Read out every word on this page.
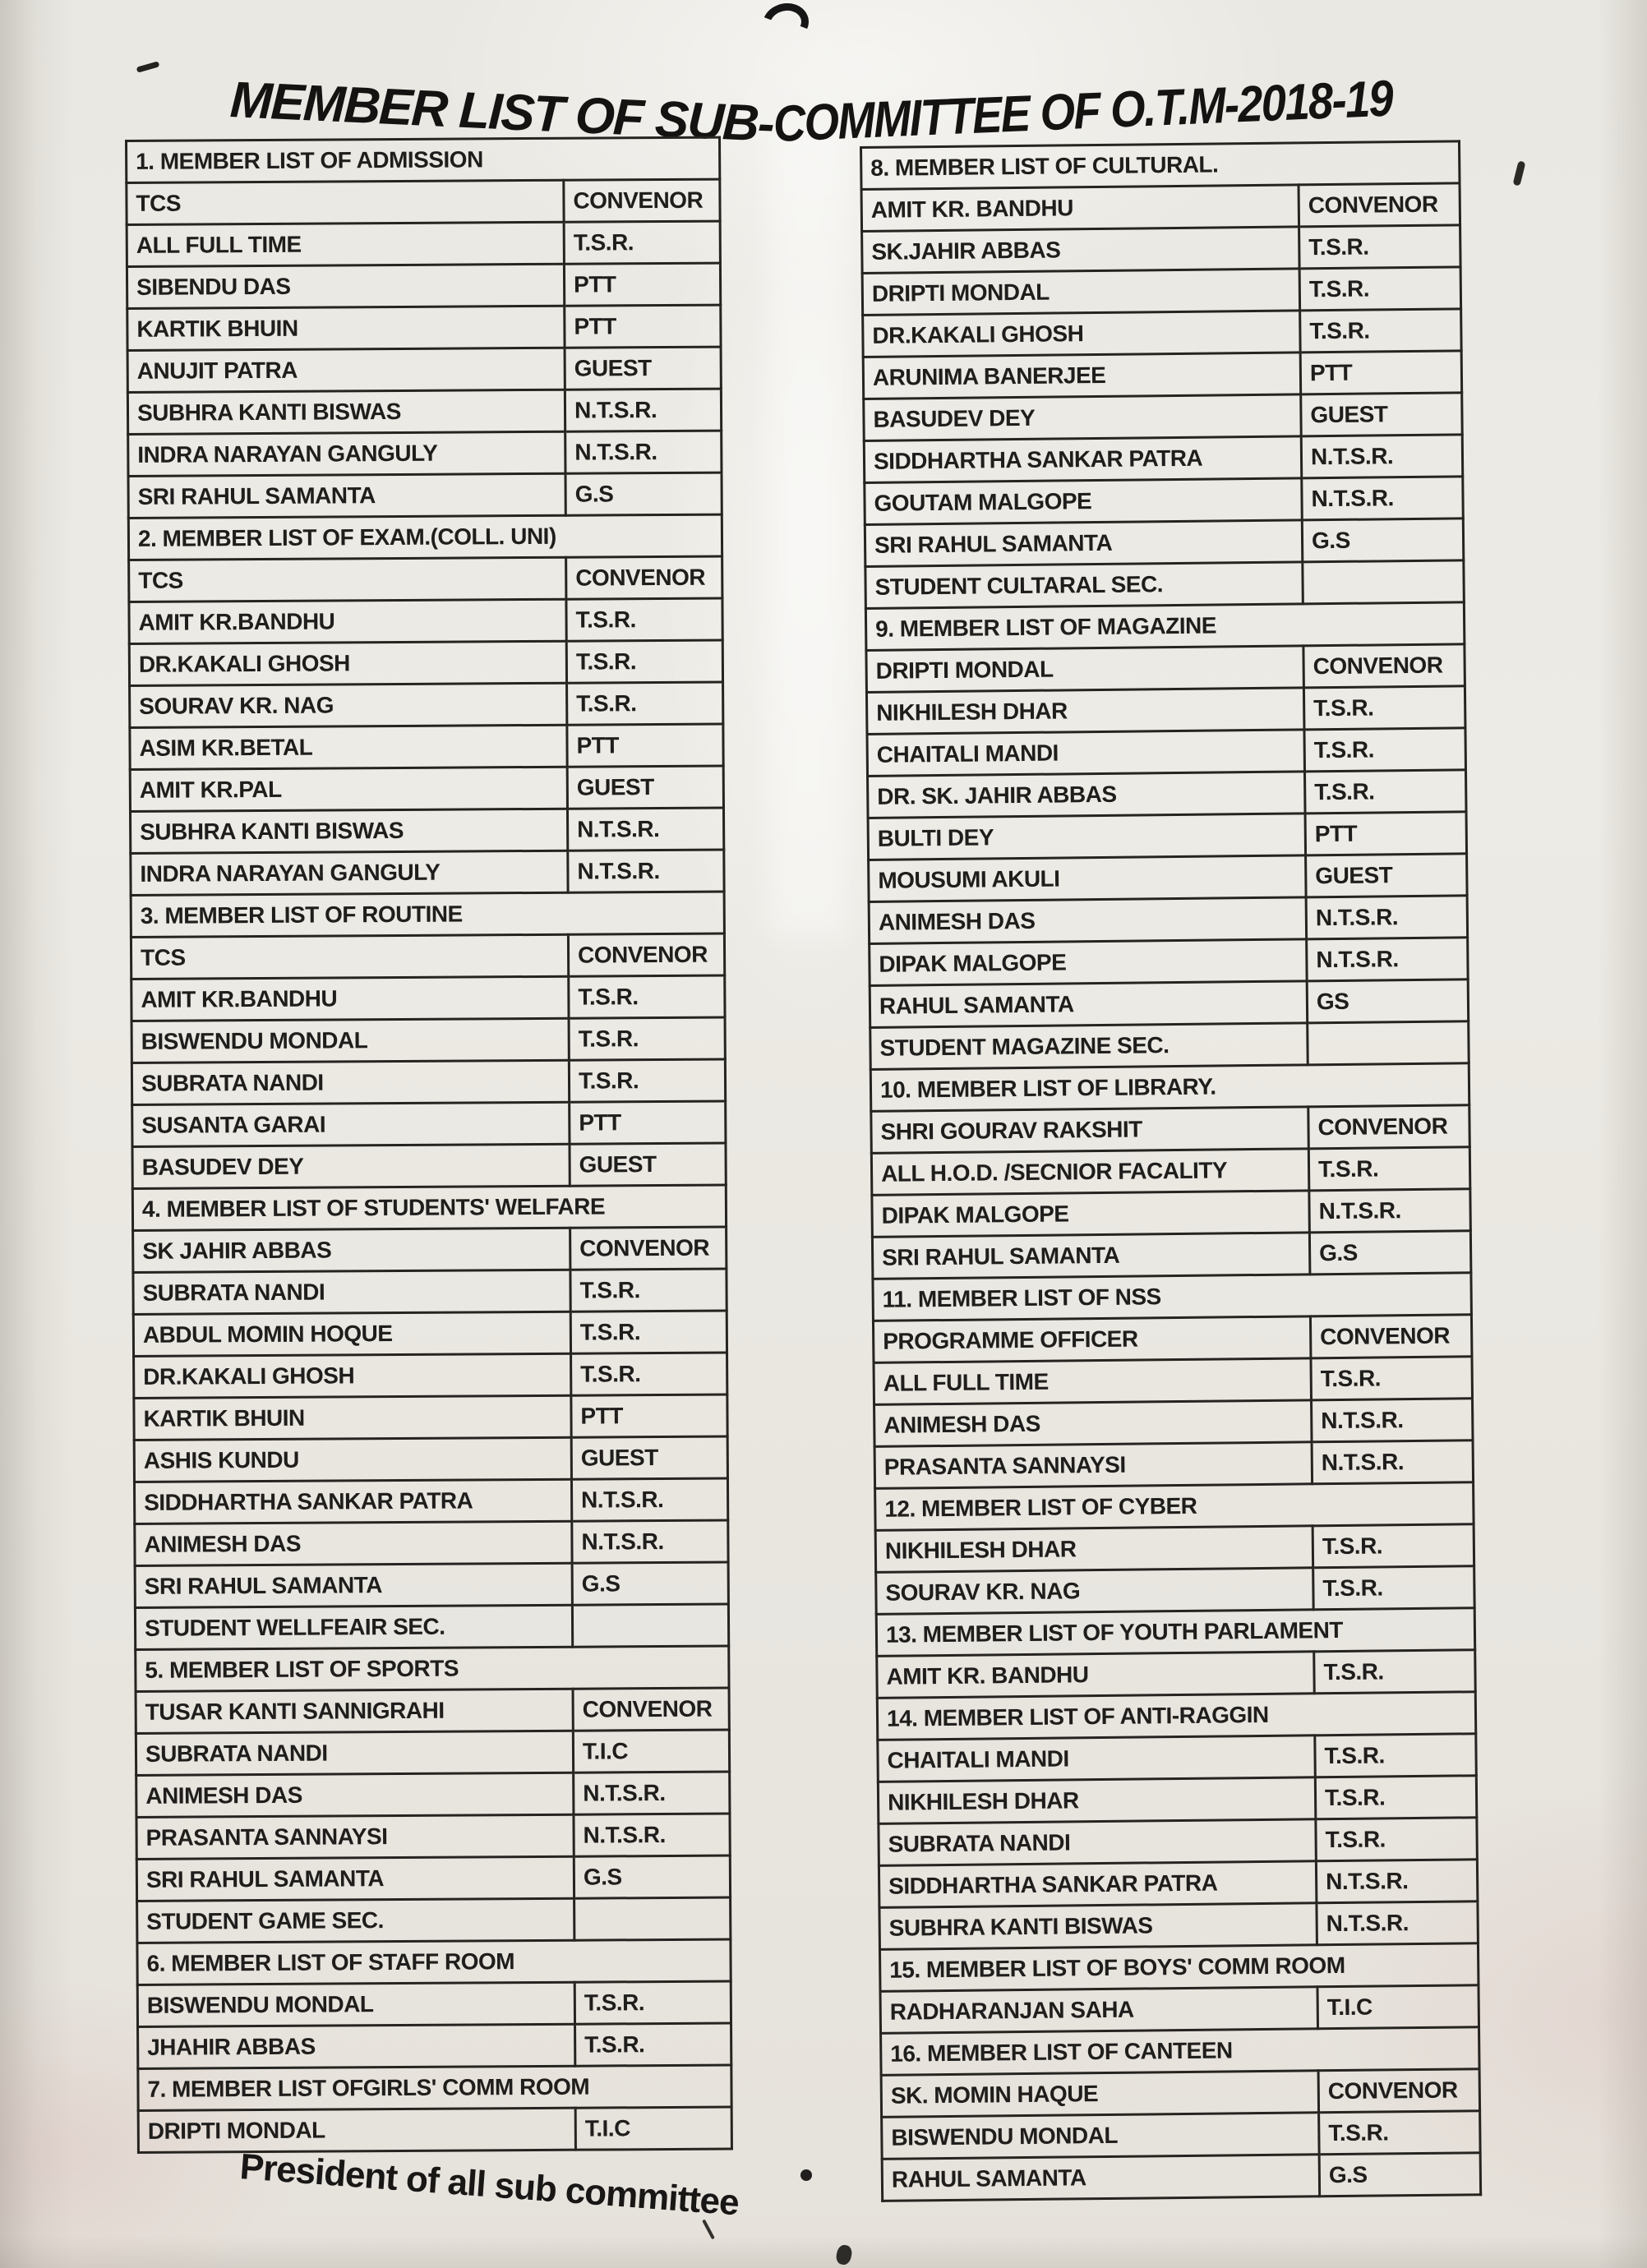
MEMBER LIST OF SUB-COMMITTEE OF O.T.M-2018-19
1. MEMBER LIST OF ADMISSION	
TCS	CONVENOR
ALL FULL TIME	T.S.R.
SIBENDU DAS	PTT
KARTIK BHUIN	PTT
ANUJIT PATRA	GUEST
SUBHRA KANTI BISWAS	N.T.S.R.
INDRA NARAYAN GANGULY	N.T.S.R.
SRI RAHUL SAMANTA	G.S
2. MEMBER LIST OF EXAM.(COLL. UNI)	
TCS	CONVENOR
AMIT KR.BANDHU	T.S.R.
DR.KAKALI GHOSH	T.S.R.
SOURAV KR. NAG	T.S.R.
ASIM KR.BETAL	PTT
AMIT KR.PAL	GUEST
SUBHRA KANTI BISWAS	N.T.S.R.
INDRA NARAYAN GANGULY	N.T.S.R.
3. MEMBER LIST OF ROUTINE	
TCS	CONVENOR
AMIT KR.BANDHU	T.S.R.
BISWENDU MONDAL	T.S.R.
SUBRATA NANDI	T.S.R.
SUSANTA GARAI	PTT
BASUDEV DEY	GUEST
4. MEMBER LIST OF STUDENTS' WELFARE	
SK JAHIR ABBAS	CONVENOR
SUBRATA NANDI	T.S.R.
ABDUL MOMIN HOQUE	T.S.R.
DR.KAKALI GHOSH	T.S.R.
KARTIK BHUIN	PTT
ASHIS KUNDU	GUEST
SIDDHARTHA SANKAR PATRA	N.T.S.R.
ANIMESH DAS	N.T.S.R.
SRI RAHUL SAMANTA	G.S
STUDENT WELLFEAIR SEC.	
5. MEMBER LIST OF SPORTS	
TUSAR KANTI SANNIGRAHI	CONVENOR
SUBRATA NANDI	T.I.C
ANIMESH DAS	N.T.S.R.
PRASANTA SANNAYSI	N.T.S.R.
SRI RAHUL SAMANTA	G.S
STUDENT GAME SEC.	
6. MEMBER LIST OF STAFF ROOM	
BISWENDU MONDAL	T.S.R.
JHAHIR ABBAS	T.S.R.
7. MEMBER LIST OFGIRLS' COMM ROOM	
DRIPTI MONDAL	T.I.C
8. MEMBER LIST OF CULTURAL.	
AMIT KR. BANDHU	CONVENOR
SK.JAHIR ABBAS	T.S.R.
DRIPTI MONDAL	T.S.R.
DR.KAKALI GHOSH	T.S.R.
ARUNIMA BANERJEE	PTT
BASUDEV DEY	GUEST
SIDDHARTHA SANKAR PATRA	N.T.S.R.
GOUTAM MALGOPE	N.T.S.R.
SRI RAHUL SAMANTA	G.S
STUDENT CULTARAL SEC.	
9. MEMBER LIST OF MAGAZINE	
DRIPTI MONDAL	CONVENOR
NIKHILESH DHAR	T.S.R.
CHAITALI MANDI	T.S.R.
DR. SK. JAHIR ABBAS	T.S.R.
BULTI DEY	PTT
MOUSUMI AKULI	GUEST
ANIMESH DAS	N.T.S.R.
DIPAK MALGOPE	N.T.S.R.
RAHUL SAMANTA	GS
STUDENT MAGAZINE SEC.	
10. MEMBER LIST OF LIBRARY.	
SHRI GOURAV RAKSHIT	CONVENOR
ALL H.O.D. /SECNIOR FACALITY	T.S.R.
DIPAK MALGOPE	N.T.S.R.
SRI RAHUL SAMANTA	G.S
11. MEMBER LIST OF NSS	
PROGRAMME OFFICER	CONVENOR
ALL FULL TIME	T.S.R.
ANIMESH DAS	N.T.S.R.
PRASANTA SANNAYSI	N.T.S.R.
12. MEMBER LIST OF CYBER	
NIKHILESH DHAR	T.S.R.
SOURAV KR. NAG	T.S.R.
13. MEMBER LIST OF YOUTH PARLAMENT	
AMIT KR. BANDHU	T.S.R.
14. MEMBER LIST OF ANTI-RAGGIN	
CHAITALI MANDI	T.S.R.
NIKHILESH DHAR	T.S.R.
SUBRATA NANDI	T.S.R.
SIDDHARTHA SANKAR PATRA	N.T.S.R.
SUBHRA KANTI BISWAS	N.T.S.R.
15. MEMBER LIST OF BOYS' COMM ROOM	
RADHARANJAN SAHA	T.I.C
16. MEMBER LIST OF CANTEEN	
SK. MOMIN HAQUE	CONVENOR
BISWENDU MONDAL	T.S.R.
RAHUL SAMANTA	G.S
President of all sub committee
